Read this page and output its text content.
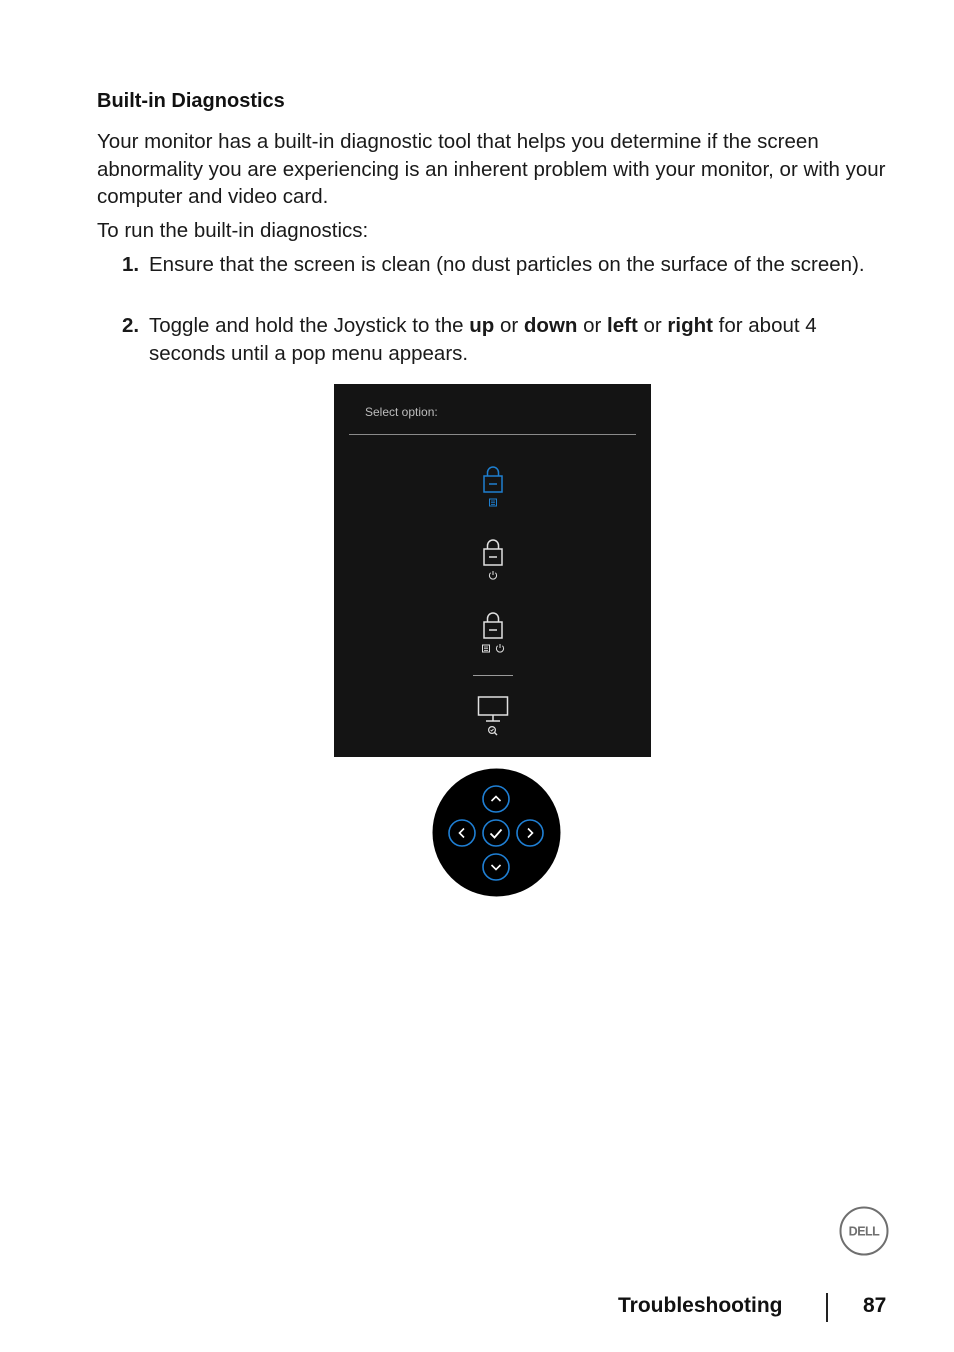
Built-in Diagnostics

Your monitor has a built-in diagnostic tool that helps you determine if the screen abnormality you are experiencing is an inherent problem with your monitor, or with your computer and video card.

To run the built-in diagnostics:

1. Ensure that the screen is clean (no dust particles on the surface of the screen).
2. Toggle and hold the Joystick to the up or down or left or right for about 4 seconds until a pop menu appears.
Select option:
DELL
Troubleshooting	87
